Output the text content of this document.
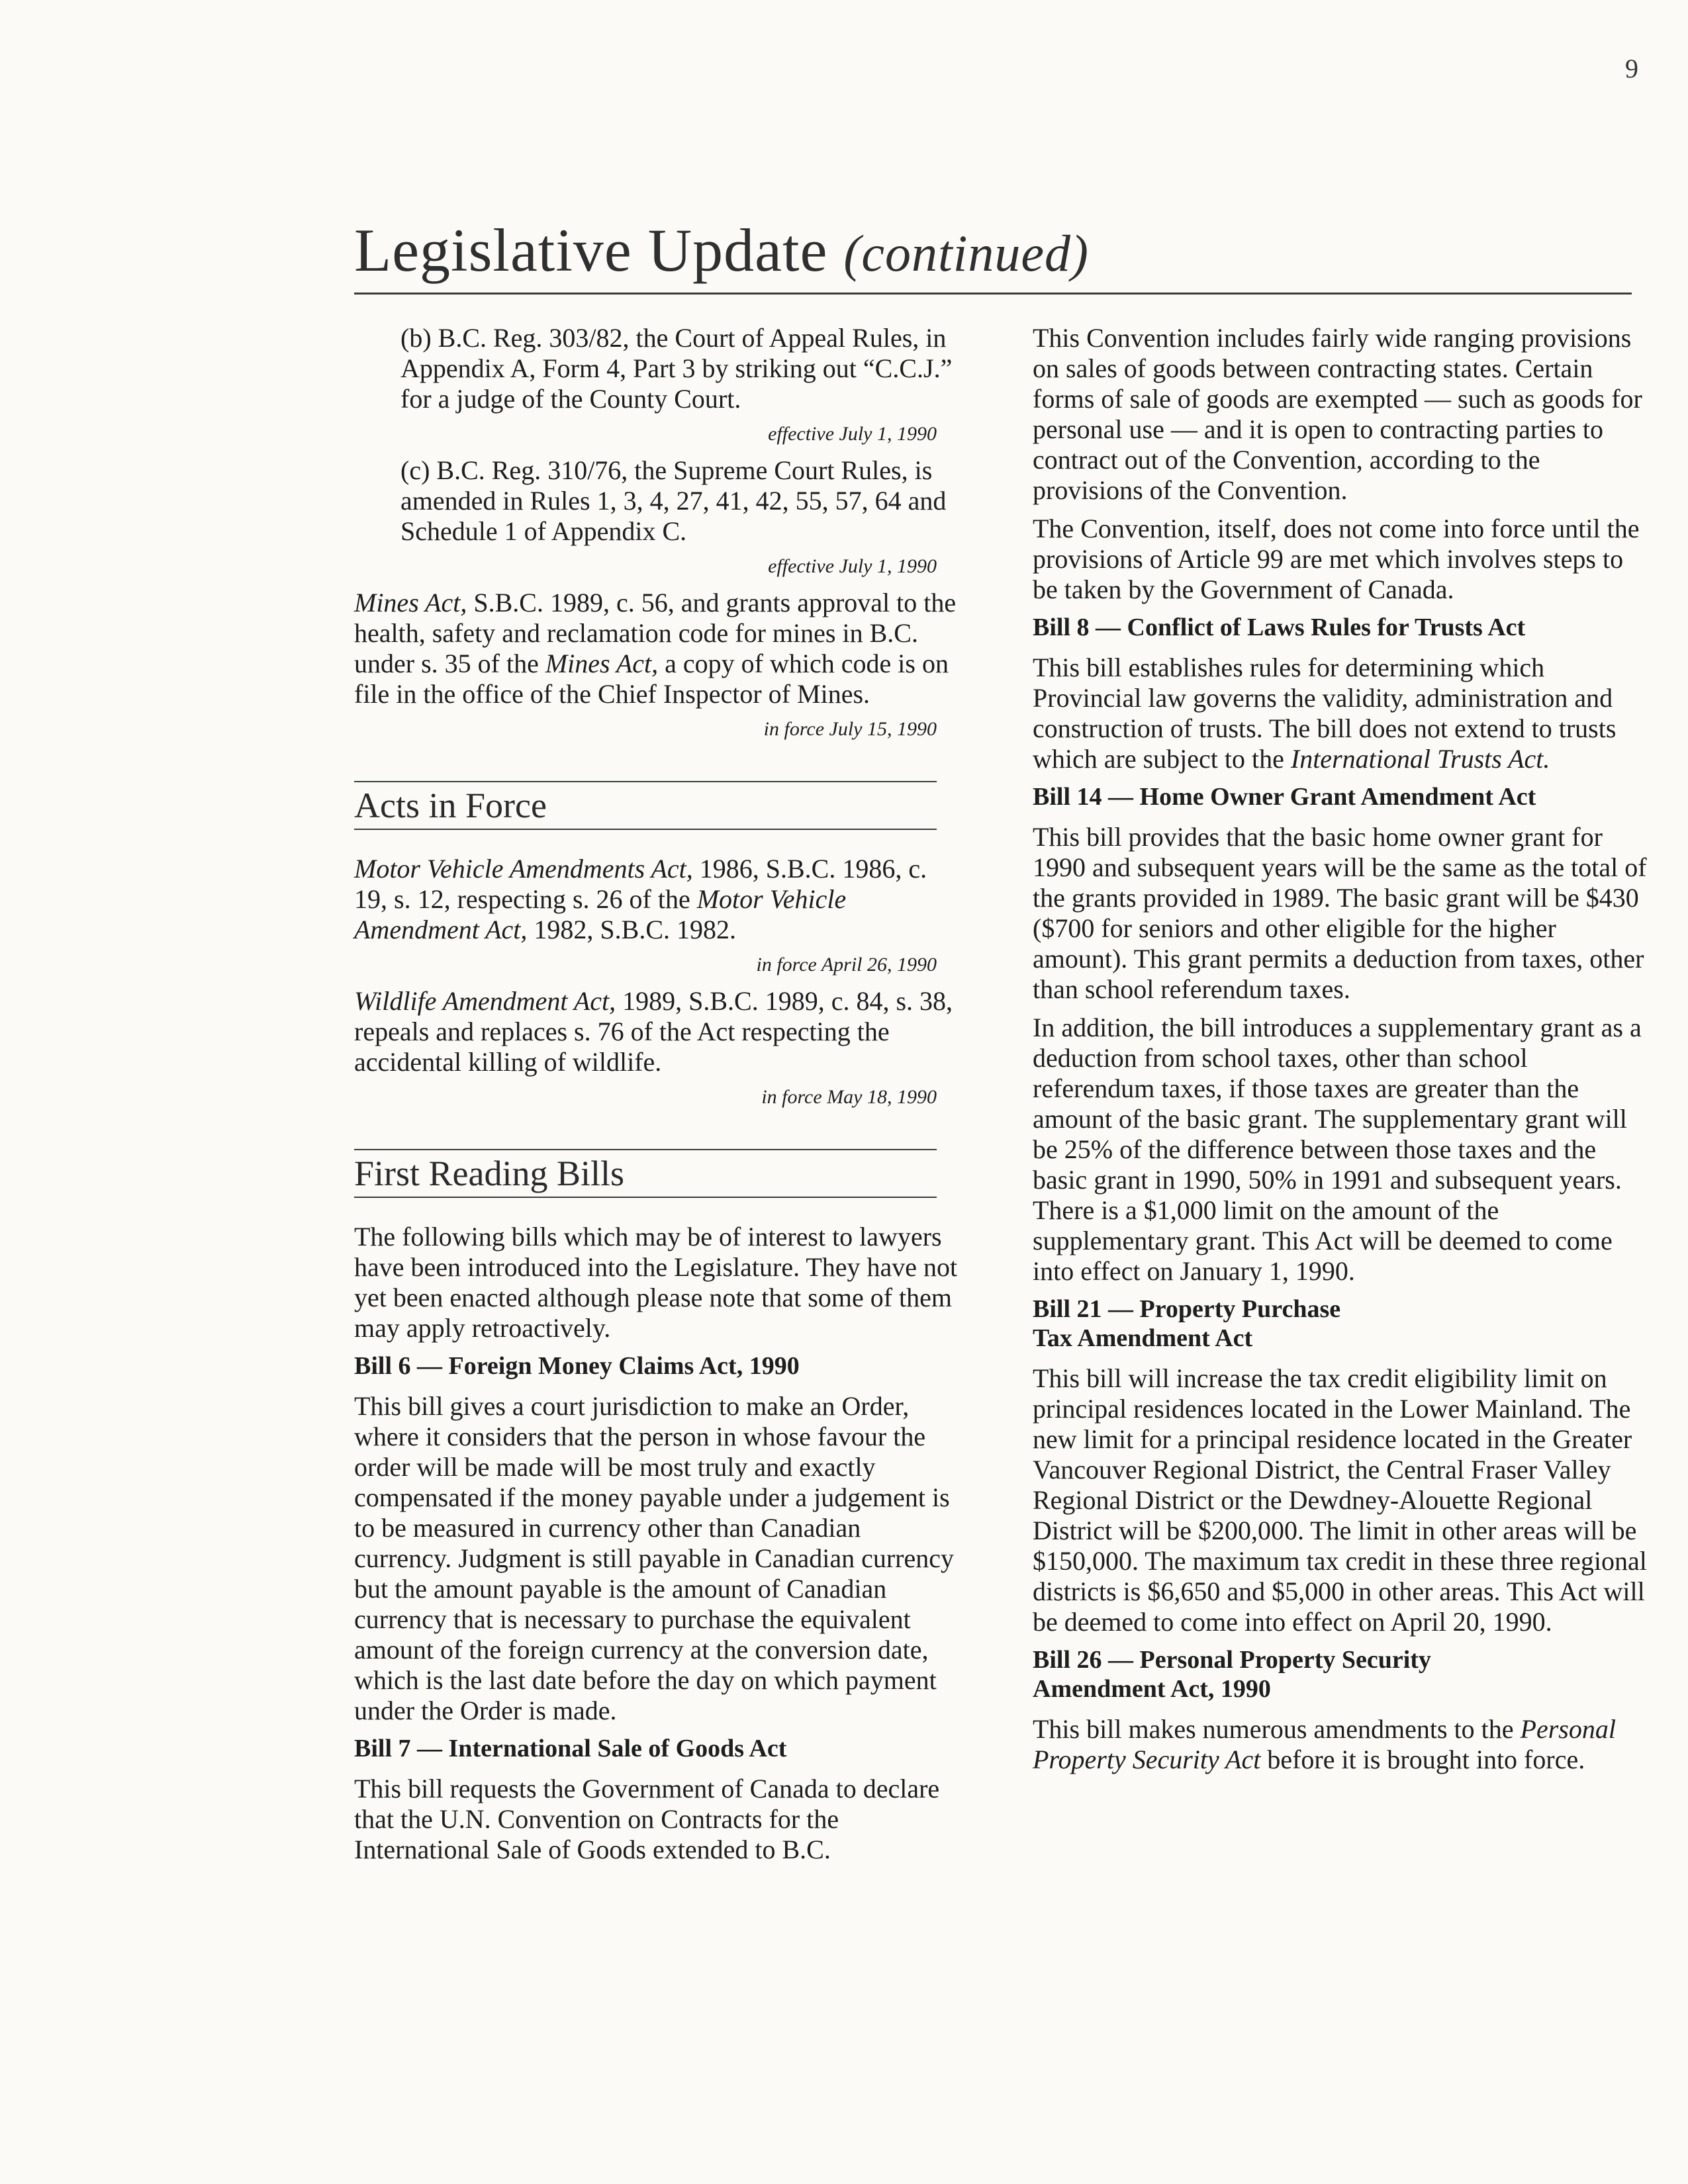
9
Legislative Update (continued)

(b) B.C. Reg. 303/82, the Court of Appeal Rules, in Appendix A, Form 4, Part 3 by striking out “C.C.J.” for a judge of the County Court.

effective July 1, 1990

(c) B.C. Reg. 310/76, the Supreme Court Rules, is amended in Rules 1, 3, 4, 27, 41, 42, 55, 57, 64 and Schedule 1 of Appendix C.

effective July 1, 1990

Mines Act, S.B.C. 1989, c. 56, and grants approval to the health, safety and reclamation code for mines in B.C. under s. 35 of the Mines Act, a copy of which code is on file in the office of the Chief Inspector of Mines.

in force July 15, 1990
Acts in Force

Motor Vehicle Amendments Act, 1986, S.B.C. 1986, c. 19, s. 12, respecting s. 26 of the Motor Vehicle Amendment Act, 1982, S.B.C. 1982.

in force April 26, 1990

Wildlife Amendment Act, 1989, S.B.C. 1989, c. 84, s. 38, repeals and replaces s. 76 of the Act respecting the accidental killing of wildlife.

in force May 18, 1990
First Reading Bills

The following bills which may be of interest to lawyers have been introduced into the Legislature. They have not yet been enacted although please note that some of them may apply retroactively.

Bill 6 — Foreign Money Claims Act, 1990

This bill gives a court jurisdiction to make an Order, where it considers that the person in whose favour the order will be made will be most truly and exactly compensated if the money payable under a judgement is to be measured in currency other than Canadian currency. Judgment is still payable in Canadian currency but the amount payable is the amount of Canadian currency that is necessary to purchase the equivalent amount of the foreign currency at the conversion date, which is the last date before the day on which payment under the Order is made.

Bill 7 — International Sale of Goods Act

This bill requests the Government of Canada to declare that the U.N. Convention on Contracts for the International Sale of Goods extended to B.C.

This Convention includes fairly wide ranging provisions on sales of goods between contracting states. Certain forms of sale of goods are exempted — such as goods for personal use — and it is open to contracting parties to contract out of the Convention, according to the provisions of the Convention.

The Convention, itself, does not come into force until the provisions of Article 99 are met which involves steps to be taken by the Government of Canada.

Bill 8 — Conflict of Laws Rules for Trusts Act

This bill establishes rules for determining which Provincial law governs the validity, administration and construction of trusts. The bill does not extend to trusts which are subject to the International Trusts Act.

Bill 14 — Home Owner Grant Amendment Act

This bill provides that the basic home owner grant for 1990 and subsequent years will be the same as the total of the grants provided in 1989. The basic grant will be $430 ($700 for seniors and other eligible for the higher amount). This grant permits a deduction from taxes, other than school referendum taxes.

In addition, the bill introduces a supplementary grant as a deduction from school taxes, other than school referendum taxes, if those taxes are greater than the amount of the basic grant. The supplementary grant will be 25% of the difference between those taxes and the basic grant in 1990, 50% in 1991 and subsequent years. There is a $1,000 limit on the amount of the supplementary grant. This Act will be deemed to come into effect on January 1, 1990.

Bill 21 — Property Purchase
Tax Amendment Act

This bill will increase the tax credit eligibility limit on principal residences located in the Lower Mainland. The new limit for a principal residence located in the Greater Vancouver Regional District, the Central Fraser Valley Regional District or the Dewdney-Alouette Regional District will be $200,000. The limit in other areas will be $150,000. The maximum tax credit in these three regional districts is $6,650 and $5,000 in other areas. This Act will be deemed to come into effect on April 20, 1990.

Bill 26 — Personal Property Security
Amendment Act, 1990

This bill makes numerous amendments to the Personal Property Security Act before it is brought into force.
